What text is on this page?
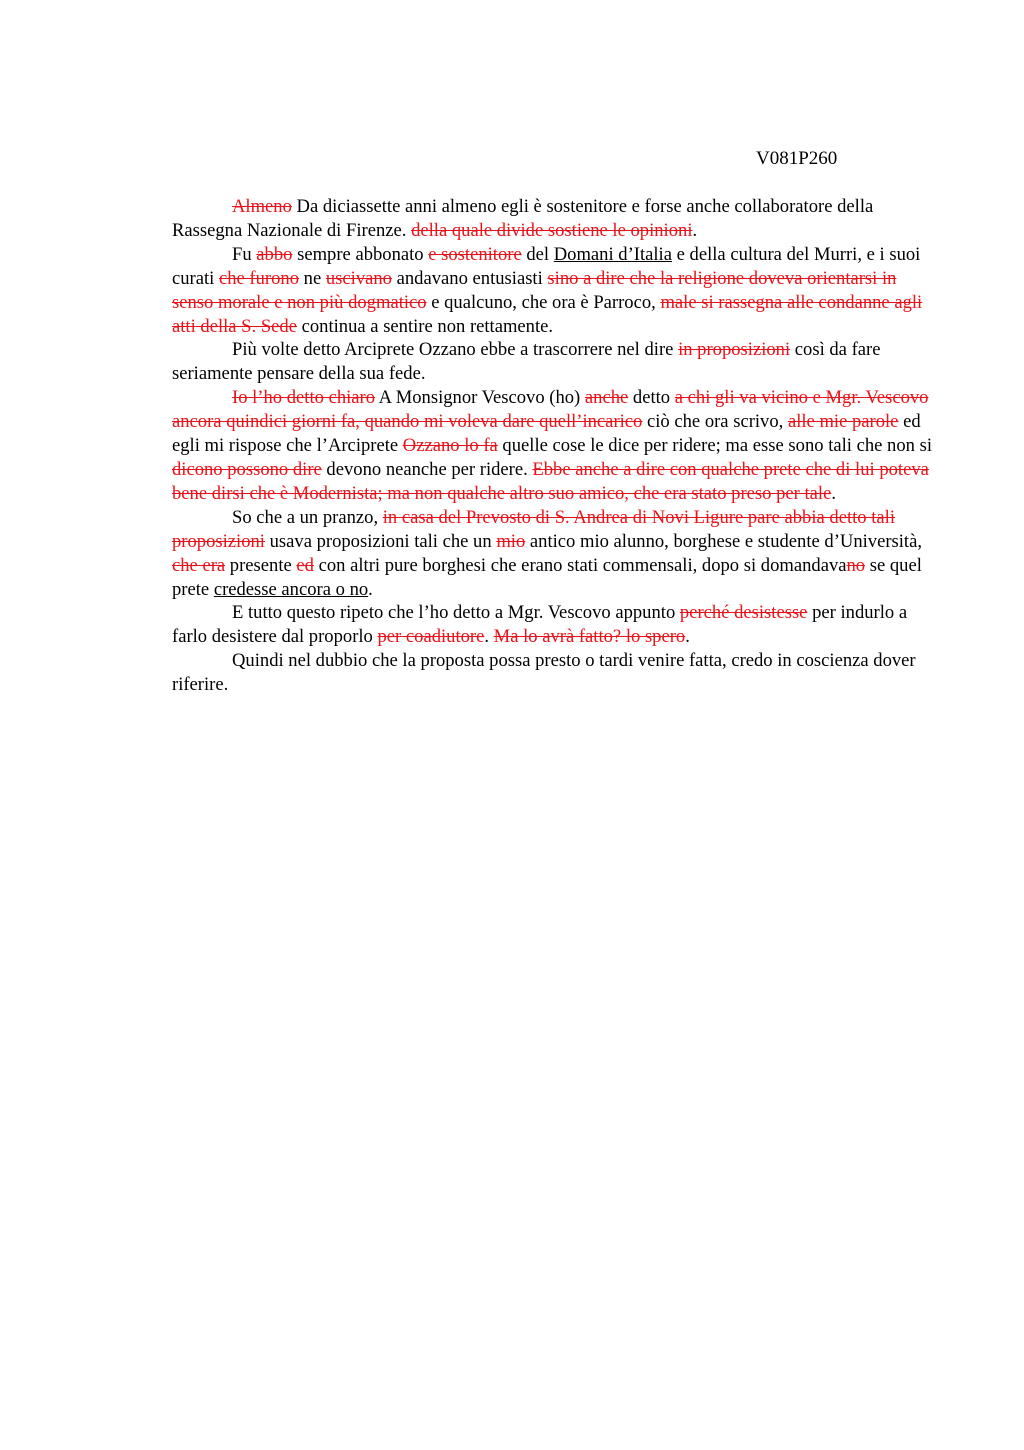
V081P260

Almeno Da diciassette anni almeno egli è sostenitore e forse anche collaboratore della Rassegna Nazionale di Firenze. della quale divide sostiene le opinioni.

Fu abbo sempre abbonato e sostenitore del Domani d’Italia e della cultura del Murri, e i suoi curati che furono ne uscivano andavano entusiasti sino a dire che la religione doveva orientarsi in senso morale e non più dogmatico e qualcuno, che ora è Parroco, male si rassegna alle condanne agli atti della S. Sede continua a sentire non rettamente.

Più volte detto Arciprete Ozzano ebbe a trascorrere nel dire in proposizioni così da fare seriamente pensare della sua fede.

Io l’ho detto chiaro A Monsignor Vescovo (ho) anche detto a chi gli va vicino e Mgr. Vescovo ancora quindici giorni fa, quando mi voleva dare quell’incarico ciò che ora scrivo, alle mie parole ed egli mi rispose che l’Arciprete Ozzano lo fa quelle cose le dice per ridere; ma esse sono tali che non si dicono possono dire devono neanche per ridere. Ebbe anche a dire con qualche prete che di lui poteva bene dirsi che è Modernista; ma non qualche altro suo amico, che era stato preso per tale.

So che a un pranzo, in casa del Prevosto di S. Andrea di Novi Ligure pare abbia detto tali proposizioni usava proposizioni tali che un mio antico mio alunno, borghese e studente d’Università, che era presente ed con altri pure borghesi che erano stati commensali, dopo si domandavano se quel prete credesse ancora o no.

E tutto questo ripeto che l’ho detto a Mgr. Vescovo appunto perché desistesse per indurlo a farlo desistere dal proporlo per coadiutore. Ma lo avrà fatto? lo spero.

Quindi nel dubbio che la proposta possa presto o tardi venire fatta, credo in coscienza dover riferire.
